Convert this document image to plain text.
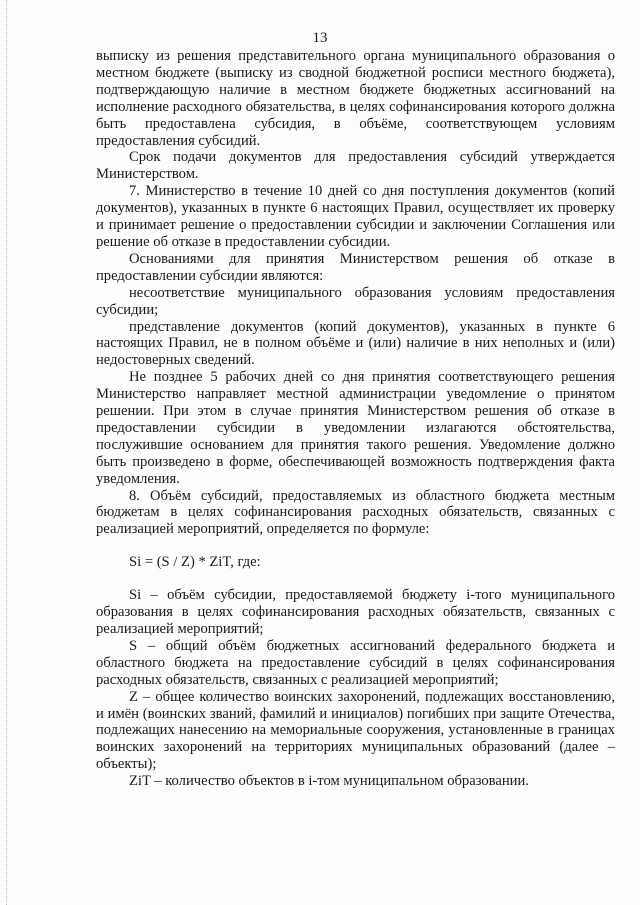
13

выписку из решения представительного органа муниципального образования о местном бюджете (выписку из сводной бюджетной росписи местного бюджета), подтверждающую наличие в местном бюджете бюджетных ассигнований на исполнение расходного обязательства, в целях софинансирования которого должна быть предоставлена субсидия, в объёме, соответствующем условиям предоставления субсидий.

Срок подачи документов для предоставления субсидий утверждается Министерством.

7. Министерство в течение 10 дней со дня поступления документов (копий документов), указанных в пункте 6 настоящих Правил, осуществляет их проверку и принимает решение о предоставлении субсидии и заключении Соглашения или решение об отказе в предоставлении субсидии.

Основаниями для принятия Министерством решения об отказе в предоставлении субсидии являются:

несоответствие муниципального образования условиям предоставления субсидии;

представление документов (копий документов), указанных в пункте 6 настоящих Правил, не в полном объёме и (или) наличие в них неполных и (или) недостоверных сведений.

Не позднее 5 рабочих дней со дня принятия соответствующего решения Министерство направляет местной администрации уведомление о принятом решении. При этом в случае принятия Министерством решения об отказе в предоставлении субсидии в уведомлении излагаются обстоятельства, послужившие основанием для принятия такого решения. Уведомление должно быть произведено в форме, обеспечивающей возможность подтверждения факта уведомления.

8. Объём субсидий, предоставляемых из областного бюджета местным бюджетам в целях софинансирования расходных обязательств, связанных с реализацией мероприятий, определяется по формуле:

Si = (S / Z) * ZiT, где:

Si – объём субсидии, предоставляемой бюджету i-того муниципального образования в целях софинансирования расходных обязательств, связанных с реализацией мероприятий;

S – общий объём бюджетных ассигнований федерального бюджета и областного бюджета на предоставление субсидий в целях софинансирования расходных обязательств, связанных с реализацией мероприятий;

Z – общее количество воинских захоронений, подлежащих восстановлению, и имён (воинских званий, фамилий и инициалов) погибших при защите Отечества, подлежащих нанесению на мемориальные сооружения, установленные в границах воинских захоронений на территориях муниципальных образований (далее – объекты);

ZiT – количество объектов в i-том муниципальном образовании.
